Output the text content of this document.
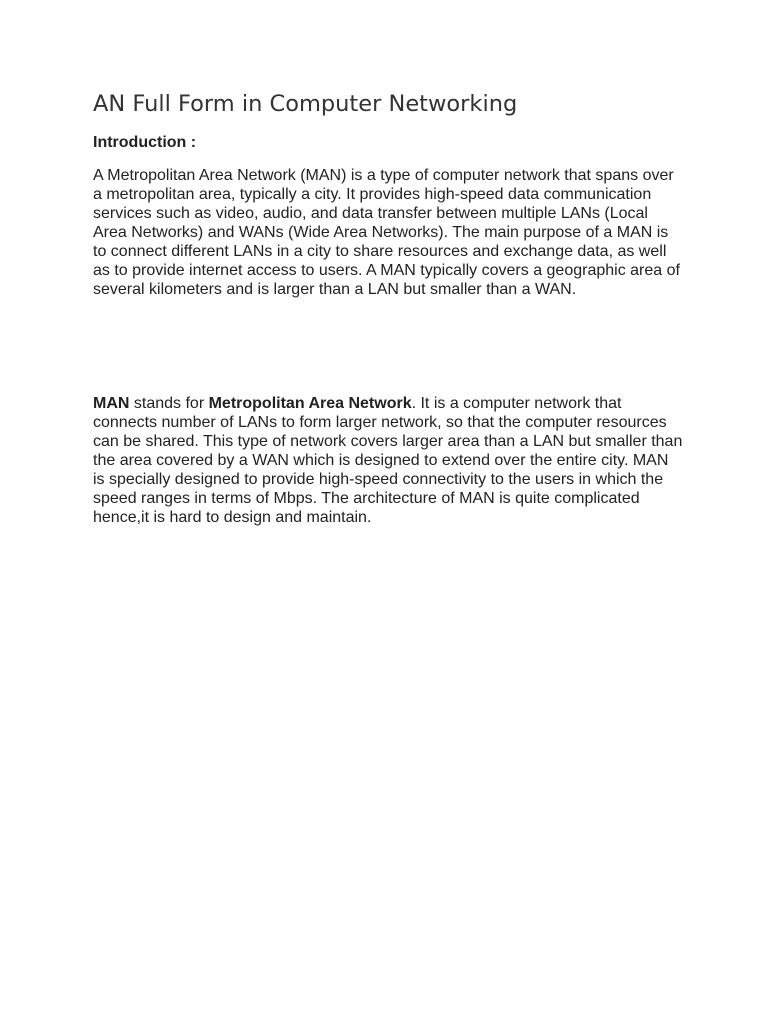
AN Full Form in Computer Networking
Introduction :

A Metropolitan Area Network (MAN) is a type of computer network that spans over a metropolitan area, typically a city. It provides high-speed data communication services such as video, audio, and data transfer between multiple LANs (Local Area Networks) and WANs (Wide Area Networks). The main purpose of a MAN is to connect different LANs in a city to share resources and exchange data, as well as to provide internet access to users. A MAN typically covers a geographic area of several kilometers and is larger than a LAN but smaller than a WAN.

MAN stands for Metropolitan Area Network. It is a computer network that connects number of LANs to form larger network, so that the computer resources can be shared. This type of network covers larger area than a LAN but smaller than the area covered by a WAN which is designed to extend over the entire city. MAN is specially designed to provide high-speed connectivity to the users in which the speed ranges in terms of Mbps. The architecture of MAN is quite complicated hence,it is hard to design and maintain.
